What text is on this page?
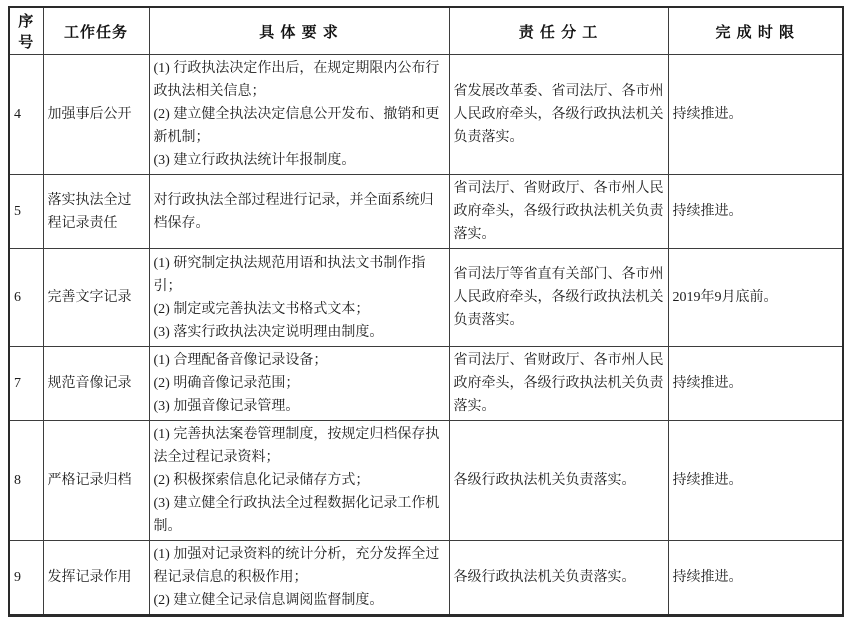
序号	工作任务	具 体 要 求	责 任 分 工	完 成 时 限
4	加强事后公开	(1) 行政执法决定作出后，在规定期限内公布行政执法相关信息；
(2) 建立健全执法决定信息公开发布、撤销和更新机制；
(3) 建立行政执法统计年报制度。	省发展改革委、省司法厅、各市州人民政府牵头，各级行政执法机关负责落实。	持续推进。
5	落实执法全过程记录责任	对行政执法全部过程进行记录，并全面系统归档保存。	省司法厅、省财政厅、各市州人民政府牵头，各级行政执法机关负责落实。	持续推进。
6	完善文字记录	(1) 研究制定执法规范用语和执法文书制作指引；
(2) 制定或完善执法文书格式文本；
(3) 落实行政执法决定说明理由制度。	省司法厅等省直有关部门、各市州人民政府牵头，各级行政执法机关负责落实。	2019年9月底前。
7	规范音像记录	(1) 合理配备音像记录设备；
(2) 明确音像记录范围；
(3) 加强音像记录管理。	省司法厅、省财政厅、各市州人民政府牵头，各级行政执法机关负责落实。	持续推进。
8	严格记录归档	(1) 完善执法案卷管理制度，按规定归档保存执法全过程记录资料；
(2) 积极探索信息化记录储存方式；
(3) 建立健全行政执法全过程数据化记录工作机制。	各级行政执法机关负责落实。	持续推进。
9	发挥记录作用	(1) 加强对记录资料的统计分析，充分发挥全过程记录信息的积极作用；
(2) 建立健全记录信息调阅监督制度。	各级行政执法机关负责落实。	持续推进。
